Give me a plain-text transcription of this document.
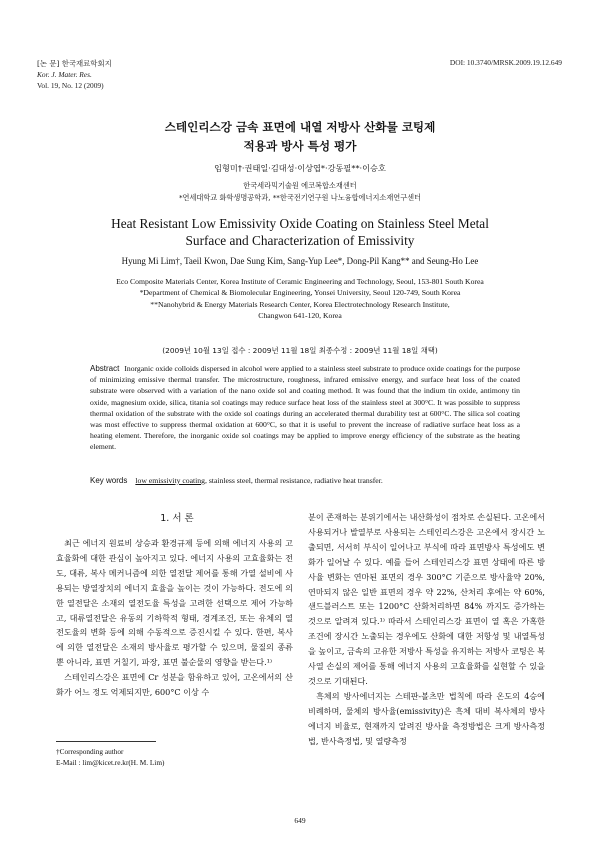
[논 문] 한국재료학회지
Kor. J. Mater. Res.
Vol. 19, No. 12 (2009)
DOI: 10.3740/MRSK.2009.19.12.649
스테인리스강 금속 표면에 내열 저방사 산화물 코팅제
적용과 방사 특성 평가
임형미†·권태일·김대성·이상엽*·강동필**·이승호
한국세라믹기술원 에코복합소재센터
*연세대학교 화학생명공학과, **한국전기연구원 나노융합에너지소재연구센터
Heat Resistant Low Emissivity Oxide Coating on Stainless Steel Metal
Surface and Characterization of Emissivity
Hyung Mi Lim†, Taeil Kwon, Dae Sung Kim, Sang-Yup Lee*, Dong-Pil Kang** and Seung-Ho Lee
Eco Composite Materials Center, Korea Institute of Ceramic Engineering and Technology, Seoul, 153-801 South Korea
*Department of Chemical & Biomolecular Engineering, Yonsei University, Seoul 120-749, South Korea
**Nanohybrid & Energy Materials Research Center, Korea Electrotechnology Research Institute,
Changwon 641-120, Korea
(2009년 10월 13일 접수 : 2009년 11월 18일 최종수정 : 2009년 11월 18일 채택)
Abstract Inorganic oxide colloids dispersed in alcohol were applied to a stainless steel substrate to produce oxide coatings for the purpose of minimizing emissive thermal transfer. The microstructure, roughness, infrared emissive energy, and surface heat loss of the coated substrate were observed with a variation of the nano oxide sol and coating method. It was found that the indium tin oxide, antimony tin oxide, magnesium oxide, silica, titania sol coatings may reduce surface heat loss of the stainless steel at 300°C. It was possible to suppress thermal oxidation of the substrate with the oxide sol coatings during an accelerated thermal durability test at 600°C. The silica sol coating was most effective to suppress thermal oxidation at 600°C, so that it is useful to prevent the increase of radiative surface heat loss as a heating element. Therefore, the inorganic oxide sol coatings may be applied to improve energy efficiency of the substrate as the heating element.
Key words low emissivity coating, stainless steel, thermal resistance, radiative heat transfer.
1. 서 론

최근 에너지 원료비 상승과 환경규제 등에 의해 에너지 사용의 고효율화에 대한 관심이 높아지고 있다. 에너지 사용의 고효율화는 전도, 대류, 복사 메커니즘에 의한 열전달 제어를 통해 가열 설비에 사용되는 방열장치의 에너지 효율을 높이는 것이 가능하다. 전도에 의한 열전달은 소재의 열전도율 특성을 고려한 선택으로 제어 가능하고, 대류열전달은 유동의 기하학적 형태, 경계조건, 또는 유체의 열전도율의 변화 등에 의해 수동적으로 증진시킬 수 있다. 한편, 복사에 의한 열전달은 소재의 방사율로 평가할 수 있으며, 물질의 종류 뿐 아니라, 표면 거칠기, 파장, 표면 불순물의 영향을 받는다.¹⁾

스테인리스강은 표면에 Cr 성분을 함유하고 있어, 고온에서의 산화가 어느 정도 억제되지만, 600°C 이상 수

분이 존재하는 분위기에서는 내산화성이 점차로 손실된다. 고온에서 사용되거나 발열부로 사용되는 스테인리스강은 고온에서 장시간 노출되면, 서서히 부식이 일어나고 부식에 따라 표면방사 특성에도 변화가 일어날 수 있다. 예를 들어 스테인리스강 표면 상태에 따른 방사율 변화는 연마된 표면의 경우 300°C 기준으로 방사율약 20%, 연마되지 않은 일반 표면의 경우 약 22%, 산처리 후에는 약 60%, 샌드블러스트 또는 1200°C 산화처리하면 84% 까지도 증가하는 것으로 알려져 있다.¹⁾ 따라서 스테인리스강 표면이 열 혹은 가혹한 조건에 장시간 노출되는 경우에도 산화에 대한 저항성 및 내열특성을 높이고, 금속의 고유한 저방사 특성을 유지하는 저방사 코팅은 복사열 손실의 제어를 통해 에너지 사용의 고효율화를 실현할 수 있을 것으로 기대된다.

흑체의 방사에너지는 스테판-볼츠만 법칙에 따라 온도의 4승에 비례하며, 물체의 방사율(emissivity)은 흑체 대비 복사체의 방사에너지 비율로, 현재까지 알려진 방사율 측정방법은 크게 방사측정법, 반사측정법, 및 열량측정

†Corresponding author
E-Mail : lim@kicet.re.kr(H. M. Lim)
649
